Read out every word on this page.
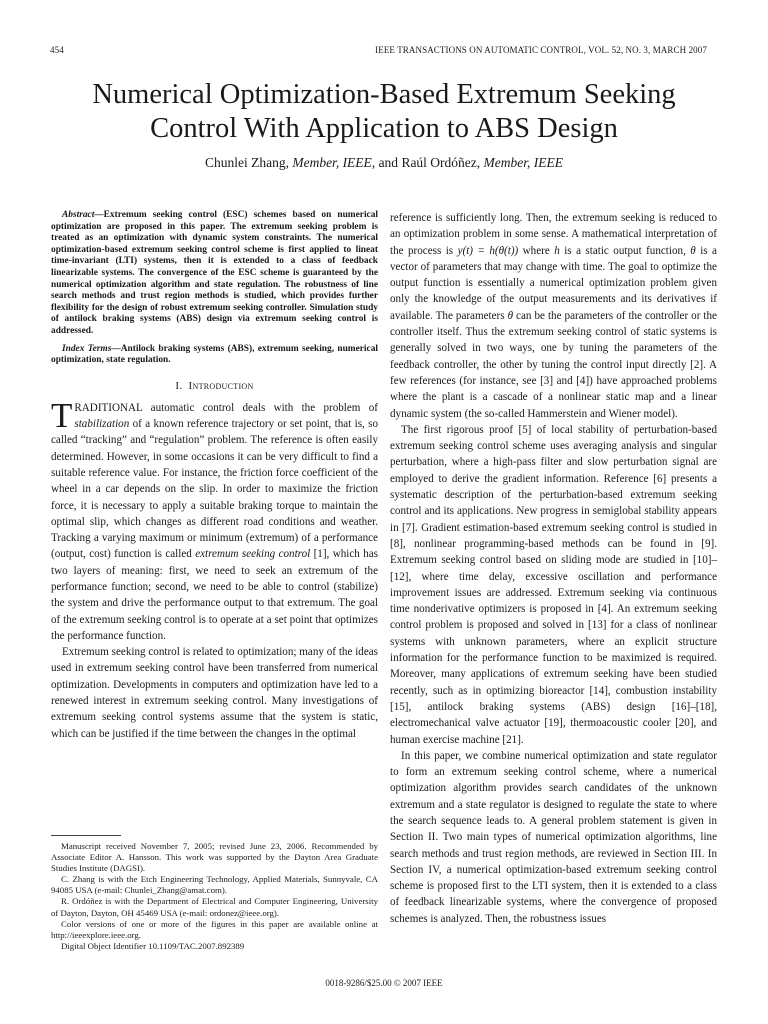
454	IEEE TRANSACTIONS ON AUTOMATIC CONTROL, VOL. 52, NO. 3, MARCH 2007
Numerical Optimization-Based Extremum Seeking
Control With Application to ABS Design
Chunlei Zhang, Member, IEEE, and Raúl Ordóñez, Member, IEEE

Abstract—Extremum seeking control (ESC) schemes based on numerical optimization are proposed in this paper. The extremum seeking problem is treated as an optimization with dynamic system constraints. The numerical optimization-based extremum seeking control scheme is first applied to lineat time-invariant (LTI) systems, then it is extended to a class of feedback linearizable systems. The convergence of the ESC scheme is guaranteed by the numerical optimization algorithm and state regulation. The robustness of line search methods and trust region methods is studied, which provides further flexibility for the design of robust extremum seeking controller. Simulation study of antilock braking systems (ABS) design via extremum seeking control is addressed.

Index Terms—Antilock braking systems (ABS), extremum seeking, numerical optimization, state regulation.

I. Introduction

TRADITIONAL automatic control deals with the problem of stabilization of a known reference trajectory or set point, that is, so called “tracking” and “regulation” problem. The reference is often easily determined. However, in some occasions it can be very difficult to find a suitable reference value. For instance, the friction force coefficient of the wheel in a car depends on the slip. In order to maximize the friction force, it is necessary to apply a suitable braking torque to maintain the optimal slip, which changes as different road conditions and weather. Tracking a varying maximum or minimum (extremum) of a performance (output, cost) function is called extremum seeking control [1], which has two layers of meaning: first, we need to seek an extremum of the performance function; second, we need to be able to control (stabilize) the system and drive the performance output to that extremum. The goal of the extremum seeking control is to operate at a set point that optimizes the performance function.

Extremum seeking control is related to optimization; many of the ideas used in extremum seeking control have been transferred from numerical optimization. Developments in computers and optimization have led to a renewed interest in extremum seeking control. Many investigations of extremum seeking control systems assume that the system is static, which can be justified if the time between the changes in the optimal

Manuscript received November 7, 2005; revised June 23, 2006. Recommended by Associate Editor A. Hansson. This work was supported by the Dayton Area Graduate Studies Institute (DAGSI).

C. Zhang is with the Etch Engineering Technology, Applied Materials, Sunnyvale, CA 94085 USA (e-mail: Chunlei_Zhang@amat.com).

R. Ordóñez is with the Department of Electrical and Computer Engineering, University of Dayton, Dayton, OH 45469 USA (e-mail: ordonez@ieee.org).

Color versions of one or more of the figures in this paper are available online at http://ieeexplore.ieee.org.

Digital Object Identifier 10.1109/TAC.2007.892389

reference is sufficiently long. Then, the extremum seeking is reduced to an optimization problem in some sense. A mathematical interpretation of the process is y(t) = h(θ(t)) where h is a static output function, θ is a vector of parameters that may change with time. The goal to optimize the output function is essentially a numerical optimization problem given only the knowledge of the output measurements and its derivatives if available. The parameters θ can be the parameters of the controller or the controller itself. Thus the extremum seeking control of static systems is generally solved in two ways, one by tuning the parameters of the feedback controller, the other by tuning the control input directly [2]. A few references (for instance, see [3] and [4]) have approached problems where the plant is a cascade of a nonlinear static map and a linear dynamic system (the so-called Hammerstein and Wiener model).

The first rigorous proof [5] of local stability of perturbation-based extremum seeking control scheme uses averaging analysis and singular perturbation, where a high-pass filter and slow perturbation signal are employed to derive the gradient information. Reference [6] presents a systematic description of the perturbation-based extremum seeking control and its applications. New progress in semiglobal stability appears in [7]. Gradient estimation-based extremum seeking control is studied in [8], nonlinear programming-based methods can be found in [9]. Extremum seeking control based on sliding mode are studied in [10]–[12], where time delay, excessive oscillation and performance improvement issues are addressed. Extremum seeking via continuous time nonderivative optimizers is proposed in [4]. An extremum seeking control problem is proposed and solved in [13] for a class of nonlinear systems with unknown parameters, where an explicit structure information for the performance function to be maximized is required. Moreover, many applications of extremum seeking have been studied recently, such as in optimizing bioreactor [14], combustion instability [15], antilock braking systems (ABS) design [16]–[18], electromechanical valve actuator [19], thermoacoustic cooler [20], and human exercise machine [21].

In this paper, we combine numerical optimization and state regulator to form an extremum seeking control scheme, where a numerical optimization algorithm provides search candidates of the unknown extremum and a state regulator is designed to regulate the state to where the search sequence leads to. A general problem statement is given in Section II. Two main types of numerical optimization algorithms, line search methods and trust region methods, are reviewed in Section III. In Section IV, a numerical optimization-based extremum seeking control scheme is proposed first to the LTI system, then it is extended to a class of feedback linearizable systems, where the convergence of proposed schemes is analyzed. Then, the robustness issues

0018-9286/$25.00 © 2007 IEEE
